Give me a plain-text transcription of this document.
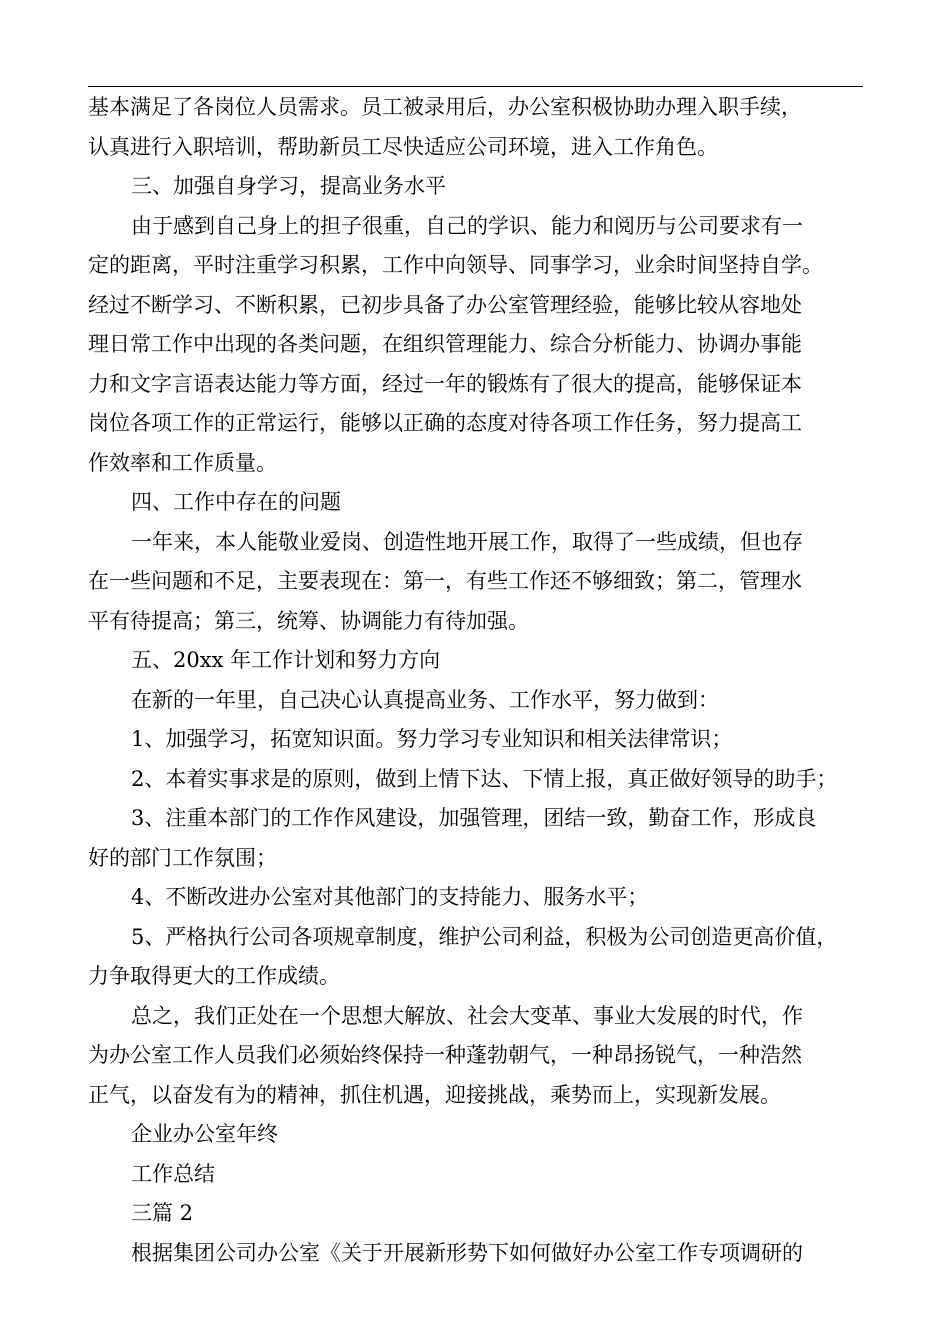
基本满足了各岗位人员需求。员工被录用后，办公室积极协助办理入职手续，
认真进行入职培训，帮助新员工尽快适应公司环境，进入工作角色。
三、加强自身学习，提高业务水平
由于感到自己身上的担子很重，自己的学识、能力和阅历与公司要求有一
定的距离，平时注重学习积累，工作中向领导、同事学习，业余时间坚持自学。
经过不断学习、不断积累，已初步具备了办公室管理经验，能够比较从容地处
理日常工作中出现的各类问题，在组织管理能力、综合分析能力、协调办事能
力和文字言语表达能力等方面，经过一年的锻炼有了很大的提高，能够保证本
岗位各项工作的正常运行，能够以正确的态度对待各项工作任务，努力提高工
作效率和工作质量。
四、工作中存在的问题
一年来，本人能敬业爱岗、创造性地开展工作，取得了一些成绩，但也存
在一些问题和不足，主要表现在：第一，有些工作还不够细致；第二，管理水
平有待提高；第三，统筹、协调能力有待加强。
五、20xx 年工作计划和努力方向
在新的一年里，自己决心认真提高业务、工作水平，努力做到：
1、加强学习，拓宽知识面。努力学习专业知识和相关法律常识；
2、本着实事求是的原则，做到上情下达、下情上报，真正做好领导的助手；
3、注重本部门的工作作风建设，加强管理，团结一致，勤奋工作，形成良
好的部门工作氛围；
4、不断改进办公室对其他部门的支持能力、服务水平；
5、严格执行公司各项规章制度，维护公司利益，积极为公司创造更高价值，
力争取得更大的工作成绩。
总之，我们正处在一个思想大解放、社会大变革、事业大发展的时代，作
为办公室工作人员我们必须始终保持一种蓬勃朝气，一种昂扬锐气，一种浩然
正气，以奋发有为的精神，抓住机遇，迎接挑战，乘势而上，实现新发展。
企业办公室年终
工作总结
三篇 2
根据集团公司办公室《关于开展新形势下如何做好办公室工作专项调研的
